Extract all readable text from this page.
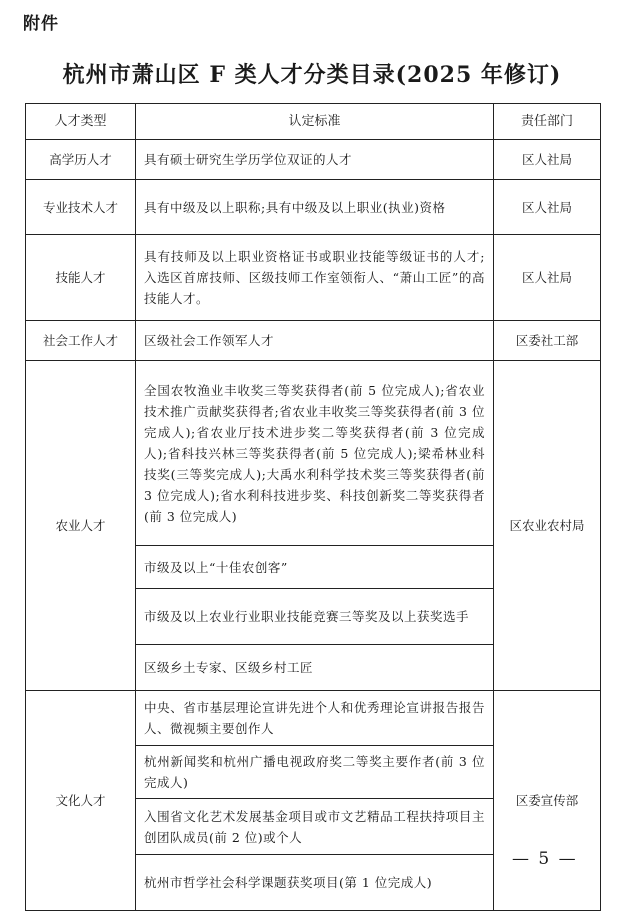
附件
杭州市萧山区 F 类人才分类目录(2025 年修订)
人才类型	认定标准	责任部门
高学历人才	具有硕士研究生学历学位双证的人才	区人社局
专业技术人才	具有中级及以上职称;具有中级及以上职业(执业)资格	区人社局
技能人才	具有技师及以上职业资格证书或职业技能等级证书的人才;入选区首席技师、区级技师工作室领衔人、“萧山工匠”的高技能人才。	区人社局
社会工作人才	区级社会工作领军人才	区委社工部
农业人才	全国农牧渔业丰收奖三等奖获得者(前 5 位完成人);省农业技术推广贡献奖获得者;省农业丰收奖三等奖获得者(前 3 位完成人);省农业厅技术进步奖二等奖获得者(前 3 位完成人);省科技兴林三等奖获得者(前 5 位完成人);梁希林业科技奖(三等奖完成人);大禹水利科学技术奖三等奖获得者(前 3 位完成人);省水利科技进步奖、科技创新奖二等奖获得者(前 3 位完成人)	区农业农村局
	市级及以上“十佳农创客”	
	市级及以上农业行业职业技能竞赛三等奖及以上获奖选手	
	区级乡土专家、区级乡村工匠	
文化人才	中央、省市基层理论宣讲先进个人和优秀理论宣讲报告报告人、微视频主要创作人	区委宣传部
	杭州新闻奖和杭州广播电视政府奖二等奖主要作者(前 3 位完成人)	
	入围省文化艺术发展基金项目或市文艺精品工程扶持项目主创团队成员(前 2 位)或个人	
	杭州市哲学社会科学课题获奖项目(第 1 位完成人)	
— 5 —
